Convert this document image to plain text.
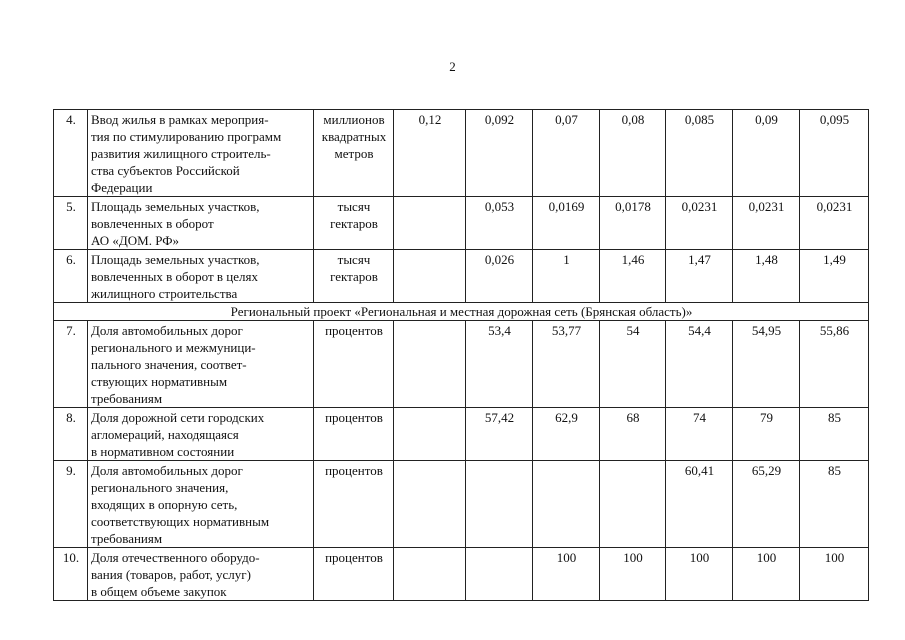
2
4.	Ввод жилья в рамках мероприя-
тия по стимулированию программ
развития жилищного строитель-
ства субъектов Российской
Федерации	миллионов
квадратных
метров	0,12	0,092	0,07	0,08	0,085	0,09	0,095
5.	Площадь земельных участков,
вовлеченных в оборот
АО «ДОМ. РФ»	тысяч
гектаров		0,053	0,0169	0,0178	0,0231	0,0231	0,0231
6.	Площадь земельных участков,
вовлеченных в оборот в целях
жилищного строительства	тысяч
гектаров		0,026	1	1,46	1,47	1,48	1,49
Региональный проект «Региональная и местная дорожная сеть (Брянская область)»									
7.	Доля автомобильных дорог
регионального и межмуници-
пального значения, соответ-
ствующих нормативным
требованиям	процентов		53,4	53,77	54	54,4	54,95	55,86
8.	Доля дорожной сети городских
агломераций, находящаяся
в нормативном состоянии	процентов		57,42	62,9	68	74	79	85
9.	Доля автомобильных дорог
регионального значения,
входящих в опорную сеть,
соответствующих нормативным
требованиям	процентов					60,41	65,29	85
10.	Доля отечественного оборудо-
вания (товаров, работ, услуг)
в общем объеме закупок	процентов			100	100	100	100	100
